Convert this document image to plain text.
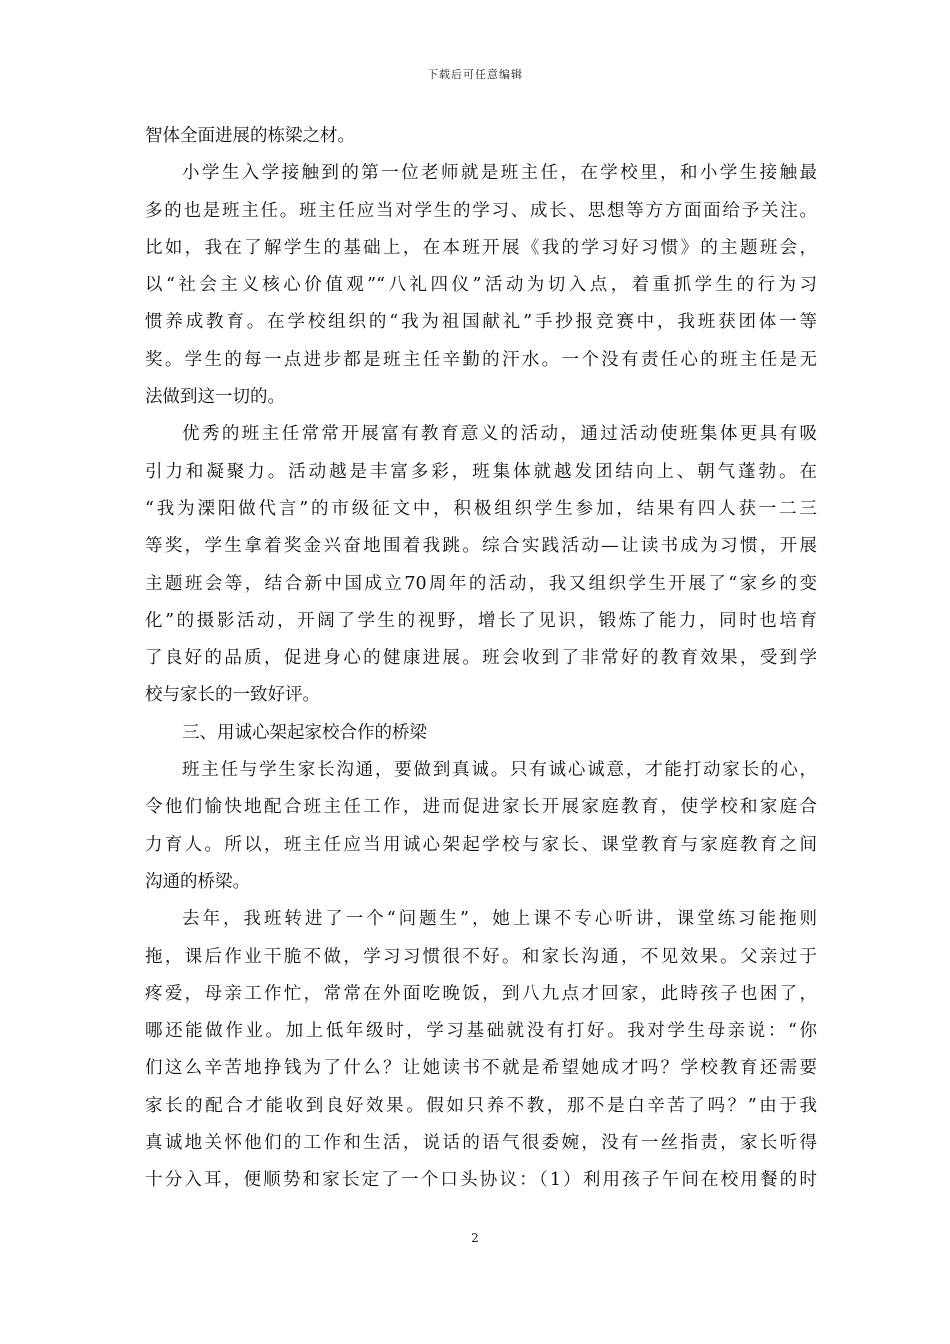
下载后可任意编辑
智体全面进展的栋梁之材。
小学生入学接触到的第一位老师就是班主任，在学校里，和小学生接触最
多的也是班主任。班主任应当对学生的学习、成长、思想等方方面面给予关注。
比如，我在了解学生的基础上，在本班开展《我的学习好习惯》的主题班会，
以“社会主义核心价值观”“八礼四仪”活动为切入点，着重抓学生的行为习
惯养成教育。在学校组织的“我为祖国献礼”手抄报竞赛中，我班获团体一等
奖。学生的每一点进步都是班主任辛勤的汗水。一个没有责任心的班主任是无
法做到这一切的。
优秀的班主任常常开展富有教育意义的活动，通过活动使班集体更具有吸
引力和凝聚力。活动越是丰富多彩，班集体就越发团结向上、朝气蓬勃。在
“我为溧阳做代言”的市级征文中，积极组织学生参加，结果有四人获一二三
等奖，学生拿着奖金兴奋地围着我跳。综合实践活动—让读书成为习惯，开展
主题班会等，结合新中国成立70周年的活动，我又组织学生开展了“家乡的变
化”的摄影活动，开阔了学生的视野，增长了见识，锻炼了能力，同时也培育
了良好的品质，促进身心的健康进展。班会收到了非常好的教育效果，受到学
校与家长的一致好评。
三、用诚心架起家校合作的桥梁
班主任与学生家长沟通，要做到真诚。只有诚心诚意，才能打动家长的心，
令他们愉快地配合班主任工作，进而促进家长开展家庭教育，使学校和家庭合
力育人。所以，班主任应当用诚心架起学校与家长、课堂教育与家庭教育之间
沟通的桥梁。
去年，我班转进了一个“问题生”，她上课不专心听讲，课堂练习能拖则
拖，课后作业干脆不做，学习习惯很不好。和家长沟通，不见效果。父亲过于
疼爱，母亲工作忙，常常在外面吃晚饭，到八九点才回家，此時孩子也困了，
哪还能做作业。加上低年级时，学习基础就没有打好。我对学生母亲说：“你
们这么辛苦地挣钱为了什么？让她读书不就是希望她成才吗？学校教育还需要
家长的配合才能收到良好效果。假如只养不教，那不是白辛苦了吗？”由于我
真诚地关怀他们的工作和生活，说话的语气很委婉，没有一丝指责，家长听得
十分入耳，便顺势和家长定了一个口头协议：（1）利用孩子午间在校用餐的时
2
